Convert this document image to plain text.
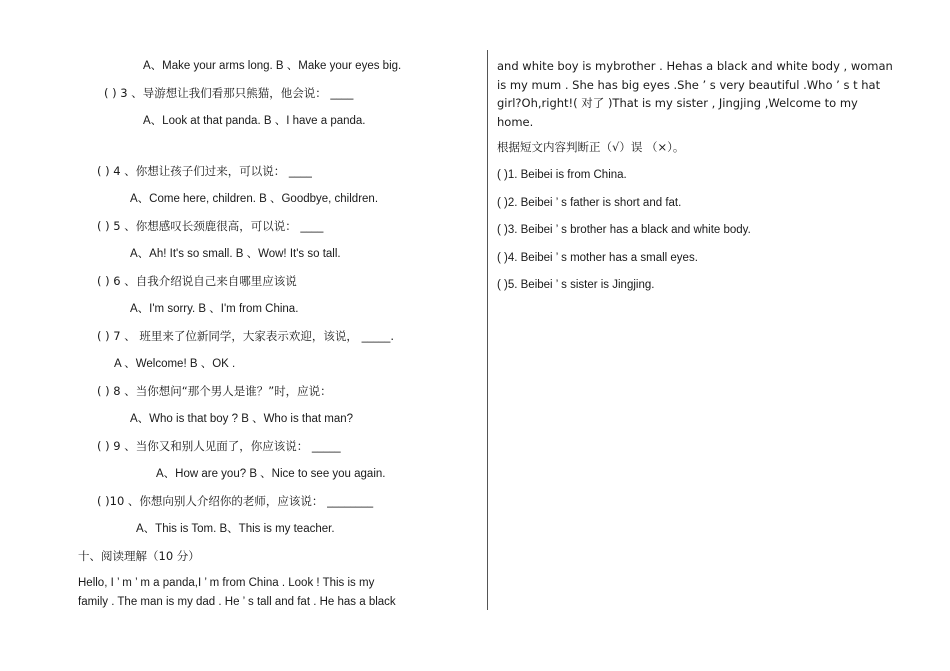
A、Make your arms long. B 、Make your eyes big.
( ) 3 、导游想让我们看那只熊猫，他会说： ____
A、Look at that panda. B 、I have a panda.
( ) 4 、你想让孩子们过来，可以说： ____
A、Come here, children. B 、Goodbye, children.
( ) 5 、你想感叹长颈鹿很高，可以说： ____
A、Ah! It's so small. B 、Wow! It's so tall.
( ) 6 、自我介绍说自己来自哪里应该说
A、I'm sorry. B 、I'm from China.
( ) 7 、 班里来了位新同学，大家表示欢迎，该说， _____.
A 、Welcome! B 、OK .
( ) 8 、当你想问“那个男人是谁？”时，应说：
A、Who is that boy ? B 、Who is that man?
( ) 9 、当你又和别人见面了，你应该说： _____
A、How are you? B 、Nice to see you again.
( )10 、你想向别人介绍你的老师，应该说： ________
A、This is Tom. B、This is my teacher.
十、阅读理解（10 分）

Hello, I ’ m ’ m a panda,I ’ m from China . Look ! This is my

family . The man is my dad . He ’ s tall and fat . He has a black

and white boy is mybrother . Hehas a black and white body , woman

is my mum . She has big eyes .She ’ s very beautiful .Who ’ s t hat

girl?Oh,right!( 对了 )That is my sister , Jingjing ,Welcome to my

home.

根据短文内容判断正（√）误 （×）。
( )1. Beibei is from China.
( )2. Beibei ’ s father is short and fat.
( )3. Beibei ’ s brother has a black and white body.
( )4. Beibei ’ s mother has a small eyes.
( )5. Beibei ’ s sister is Jingjing.
